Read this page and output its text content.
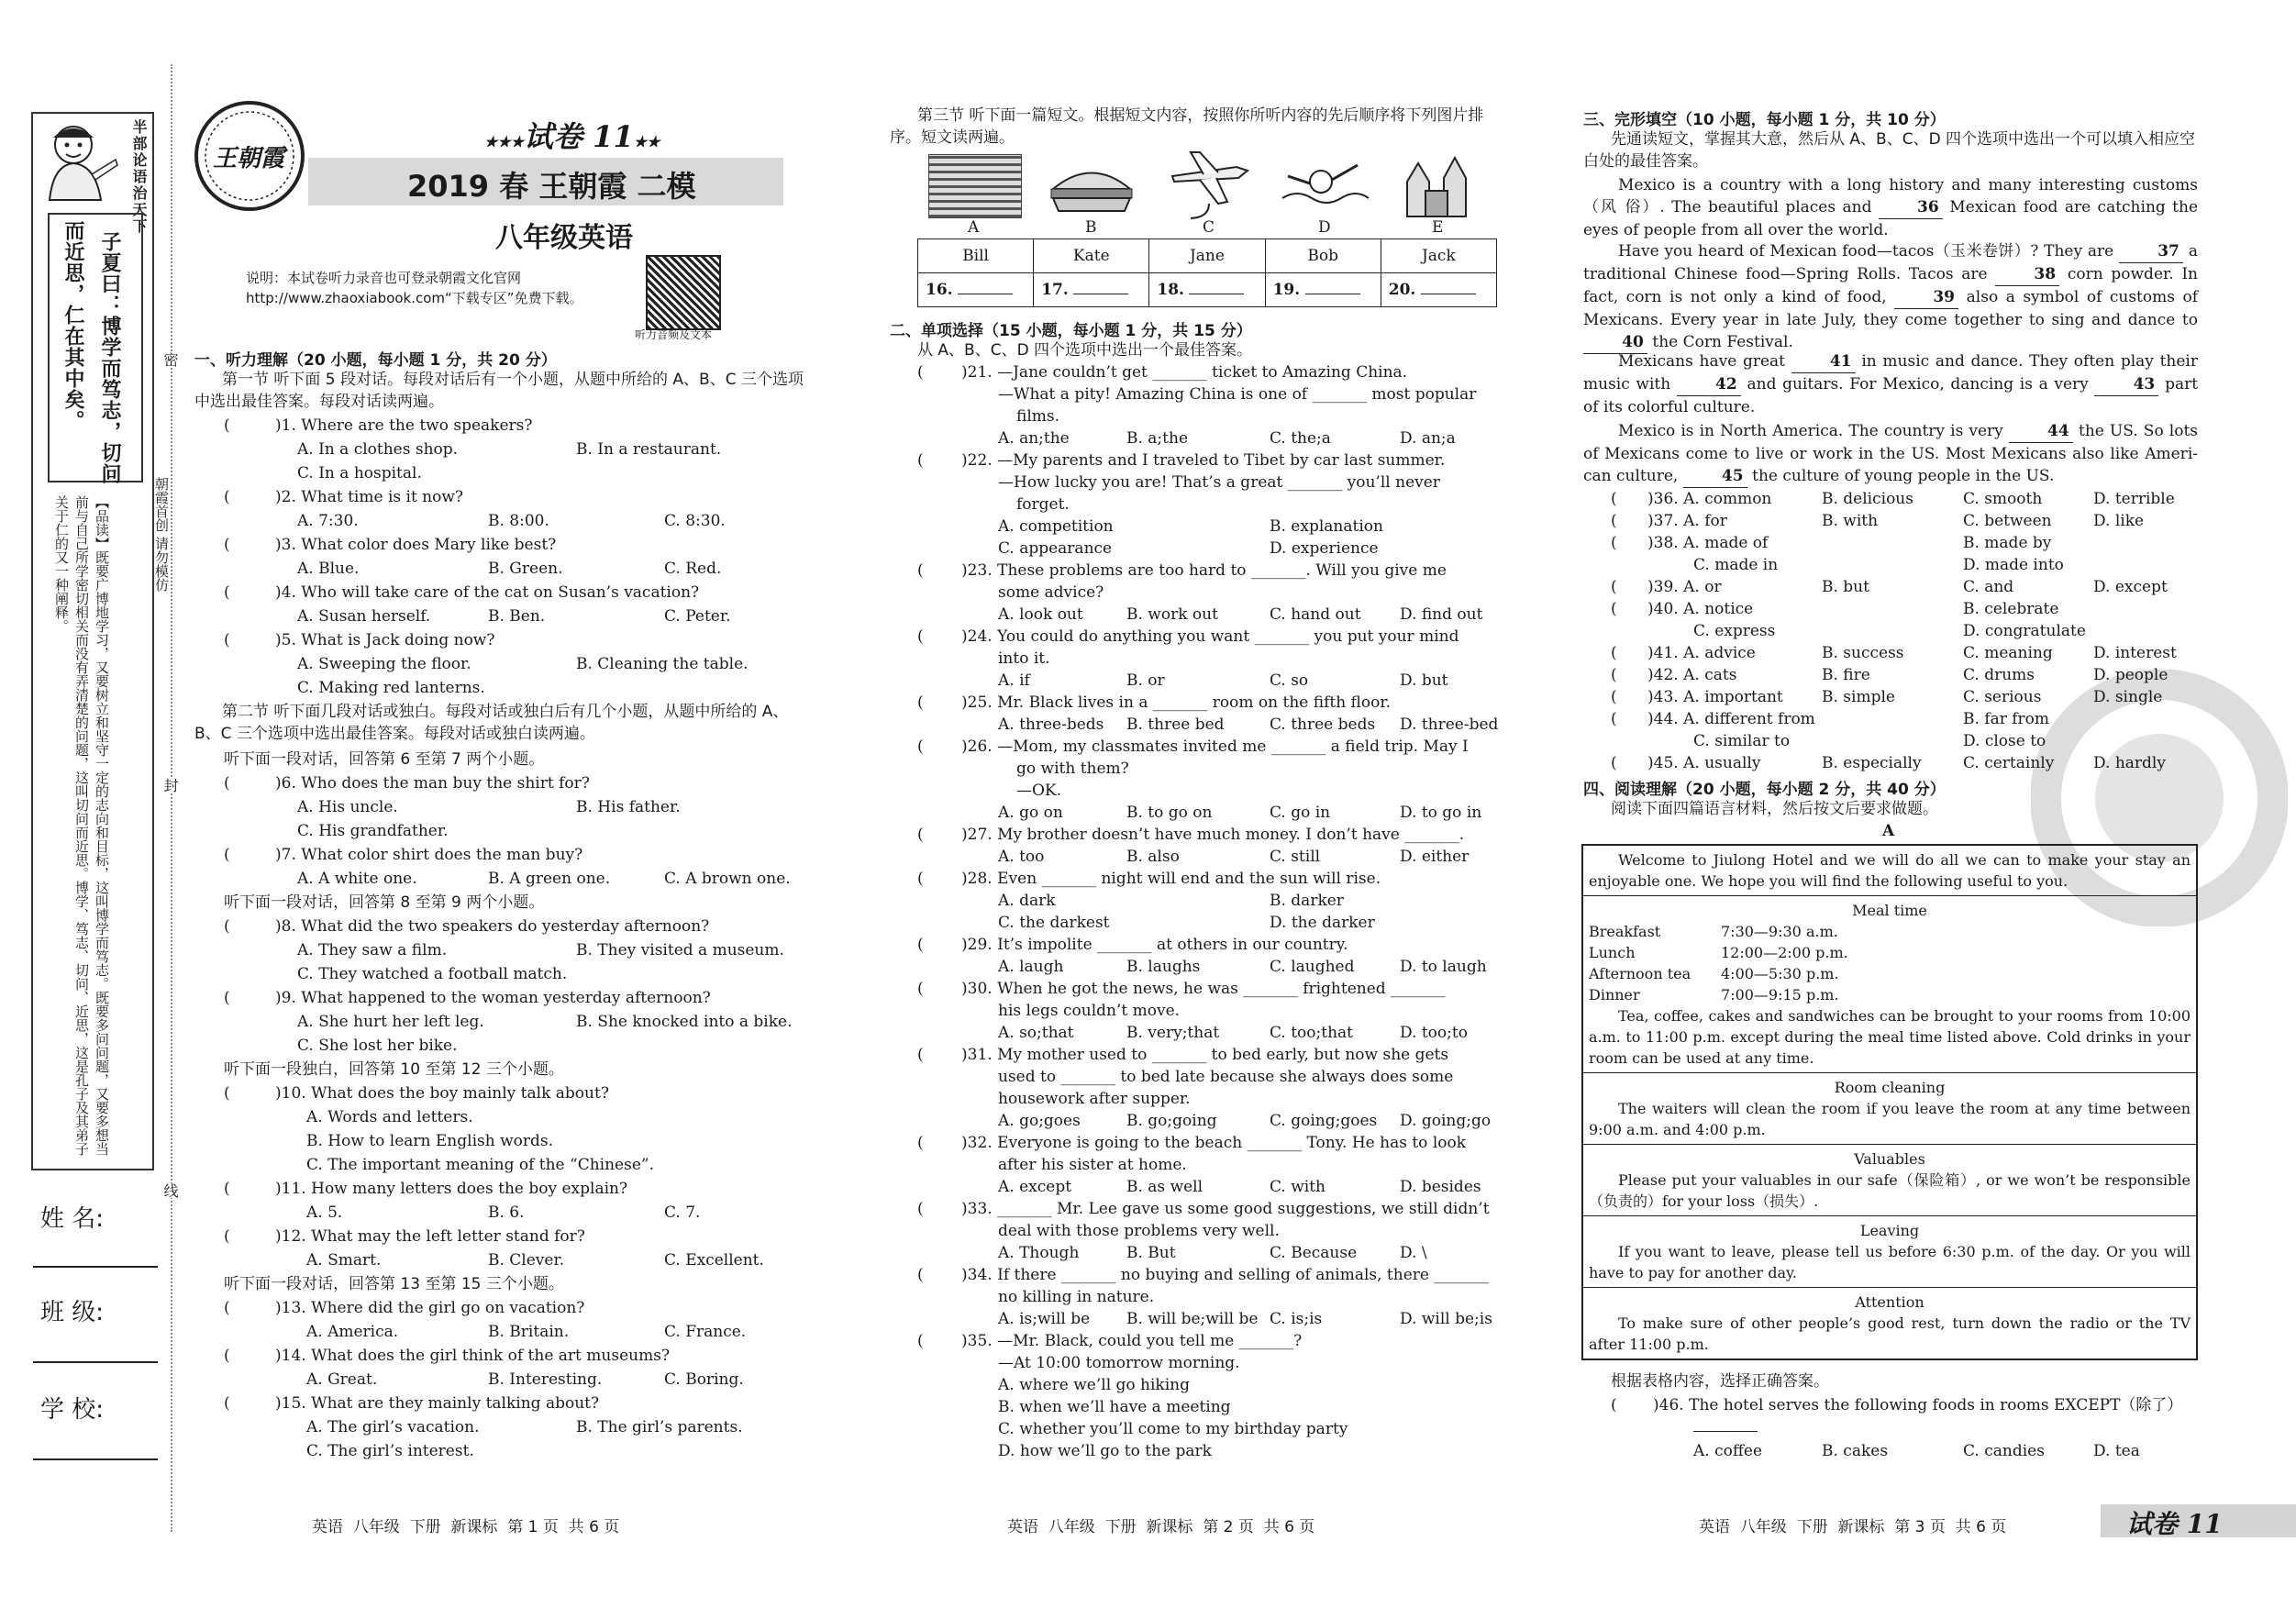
半部论语治天下
子夏曰：博学而笃志，切问
而近思，仁在其中矣。
【品读】既要广博地学习，又要树立和坚守一定的志向和目标，这叫博学而笃志。既要多问问题，又要多想当前与自己所学密切相关而没有弄清楚的问题，这叫切问而近思。博学、笃志、切问、近思，这是孔子及其弟子关于仁的又一种阐释。	朝霞首创 请勿模仿
密
封
线
姓 名:
班 级:
学 校:
王朝霞
★★★试卷 11★★
2019 春 王朝霞 二模
八年级英语
说明：本试卷听力录音也可登录朝霞文化官网 http://www.zhaoxiabook.com“下载专区”免费下载。
听力音频及文本
一、听力理解（20 小题，每小题 1 分，共 20 分）
第一节 听下面 5 段对话。每段对话后有一个小题，从题中所给的 A、B、C 三个选项中选出最佳答案。每段对话读两遍。
(	)1. Where are the two speakers?
A. In a clothes shop.	B. In a restaurant.
C. In a hospital.
(	)2. What time is it now?
A. 7:30.	B. 8:00.	C. 8:30.
(	)3. What color does Mary like best?
A. Blue.	B. Green.	C. Red.
(	)4. Who will take care of the cat on Susan’s vacation?
A. Susan herself.	B. Ben.	C. Peter.
(	)5. What is Jack doing now?
A. Sweeping the floor.	B. Cleaning the table.
C. Making red lanterns.
第二节 听下面几段对话或独白。每段对话或独白后有几个小题，从题中所给的 A、B、C 三个选项中选出最佳答案。每段对话或独白读两遍。
听下面一段对话，回答第 6 至第 7 两个小题。
(	)6. Who does the man buy the shirt for?
A. His uncle.	B. His father.
C. His grandfather.
(	)7. What color shirt does the man buy?
A. A white one.	B. A green one.	C. A brown one.
听下面一段对话，回答第 8 至第 9 两个小题。
(	)8. What did the two speakers do yesterday afternoon?
A. They saw a film.	B. They visited a museum.
C. They watched a football match.
(	)9. What happened to the woman yesterday afternoon?
A. She hurt her left leg.	B. She knocked into a bike.
C. She lost her bike.
听下面一段独白，回答第 10 至第 12 三个小题。
(	)10. What does the boy mainly talk about?
A. Words and letters.
B. How to learn English words.
C. The important meaning of the “Chinese”.
(	)11. How many letters does the boy explain?
A. 5.	B. 6.	C. 7.
(	)12. What may the left letter stand for?
A. Smart.	B. Clever.	C. Excellent.
听下面一段对话，回答第 13 至第 15 三个小题。
(	)13. Where did the girl go on vacation?
A. America.	B. Britain.	C. France.
(	)14. What does the girl think of the art museums?
A. Great.	B. Interesting.	C. Boring.
(	)15. What are they mainly talking about?
A. The girl’s vacation.	B. The girl’s parents.
C. The girl’s interest.
英语  八年级  下册  新课标  第 1 页  共 6 页
第三节 听下面一篇短文。根据短文内容，按照你所听内容的先后顺序将下列图片排序。短文读两遍。
A	B	C	D	E
Bill	Kate	Jane	Bob	Jack
16.	17.	18.	19.	20.
二、单项选择（15 小题，每小题 1 分，共 15 分）
从 A、B、C、D 四个选项中选出一个最佳答案。
( )21. —Jane couldn’t get _______ ticket to Amazing China.
—What a pity! Amazing China is one of _______ most popular
films.
A. an;the	B. a;the	C. the;a	D. an;a
( )22. —My parents and I traveled to Tibet by car last summer.
—How lucky you are! That’s a great _______ you’ll never
forget.
A. competition	B. explanation
C. appearance	D. experience
( )23. These problems are too hard to _______. Will you give me
some advice?
A. look out	B. work out	C. hand out D. find out
( )24. You could do anything you want _______ you put your mind
into it.
A. if	B. or	C. so	D. but
( )25. Mr. Black lives in a _______ room on the fifth floor.
A. three-beds B. three bed	C. three beds D. three-bed
( )26. —Mom, my classmates invited me _______ a field trip. May I
go with them?
—OK.
A. go on	B. to go on	C. go in	D. to go in
( )27. My brother doesn’t have much money. I don’t have _______.
A. too	B. also	C. still	D. either
( )28. Even _______ night will end and the sun will rise.
A. dark	B. darker
C. the darkest	D. the darker
( )29. It’s impolite _______ at others in our country.
A. laugh	B. laughs	C. laughed	D. to laugh
( )30. When he got the news, he was _______ frightened _______
his legs couldn’t move.
A. so;that	B. very;that	C. too;that	D. too;to
( )31. My mother used to _______ to bed early, but now she gets
used to _______ to bed late because she always does some
housework after supper.
A. go;goes	B. go;going	C. going;goes D. going;go
( )32. Everyone is going to the beach _______ Tony. He has to look
after his sister at home.
A. except	B. as well	C. with	D. besides
( )33. _______ Mr. Lee gave us some good suggestions, we still didn’t
deal with those problems very well.
A. Though	B. But	C. Because	D. \
( )34. If there _______ no buying and selling of animals, there _______
no killing in nature.
A. is;will be B. will be;will be C. is;is	D. will be;is
( )35. —Mr. Black, could you tell me _______?
—At 10:00 tomorrow morning.
A. where we’ll go hiking
B. when we’ll have a meeting
C. whether you’ll come to my birthday party
D. how we’ll go to the park
英语  八年级  下册  新课标  第 2 页  共 6 页
三、完形填空（10 小题，每小题 1 分，共 10 分）
先通读短文，掌握其大意，然后从 A、B、C、D 四个选项中选出一个可以填入相应空白处的最佳答案。
Mexico is a country with a long history and many interesting customs（风 俗）. The beautiful places and	36 Mexican food are catching the eyes of people from all over the world.
Have you heard of Mexican food—tacos（玉米卷饼）? They are	37 a traditional Chinese food—Spring Rolls. Tacos are	38 corn powder. In fact, corn is not only a kind of food,	39 also a symbol of customs of Mexicans. Every year in late July, they come together to sing and dance to 40 the Corn Festival.
Mexicans have great	41 in music and dance. They often play their music with	42 and guitars. For Mexico, dancing is a very	43 part of its colorful culture.
Mexico is in North America. The country is very	44 the US. So lots of Mexicans come to live or work in the US. Most Mexicans also like Ameri- can culture,	45 the culture of young people in the US.
( )36. A. common	B. delicious	C. smooth	D. terrible
( )37. A. for	B. with	C. between	D. like
( )38. A. made of	B. made by
C. made in	D. made into
( )39. A. or	B. but	C. and	D. except
( )40. A. notice	B. celebrate
C. express	D. congratulate
( )41. A. advice	B. success	C. meaning	D. interest
( )42. A. cats	B. fire	C. drums	D. people
( )43. A. important B. simple	C. serious	D. single
( )44. A. different from	B. far from
C. similar to	D. close to
( )45. A. usually	B. especially	C. certainly	D. hardly
四、阅读理解（20 小题，每小题 2 分，共 40 分）
阅读下面四篇语言材料，然后按文后要求做题。
A
Welcome to Jiulong Hotel and we will do all we can to make your stay an enjoyable one. We hope you will find the following useful to you.
Meal time
Breakfast	7:30—9:30 a.m.
Lunch	12:00—2:00 p.m.
Afternoon tea 4:00—5:30 p.m.
Dinner	7:00—9:15 p.m.
Tea, coffee, cakes and sandwiches can be brought to your rooms from 10:00 a.m. to 11:00 p.m. except during the meal time listed above. Cold drinks in your room can be used at any time.
Room cleaning
The waiters will clean the room if you leave the room at any time between 9:00 a.m. and 4:00 p.m.
Valuables
Please put your valuables in our safe（保险箱）, or we won’t be responsible（负责的）for your loss（损失）.
Leaving
If you want to leave, please tell us before 6:30 p.m. of the day. Or you will have to pay for another day.
Attention
To make sure of other people’s good rest, turn down the radio or the TV after 11:00 p.m.
根据表格内容，选择正确答案。
( )46. The hotel serves the following foods in rooms EXCEPT（除了）
A. coffee	B. cakes	C. candies	D. tea
英语  八年级  下册  新课标  第 3 页  共 6 页	试卷 11
